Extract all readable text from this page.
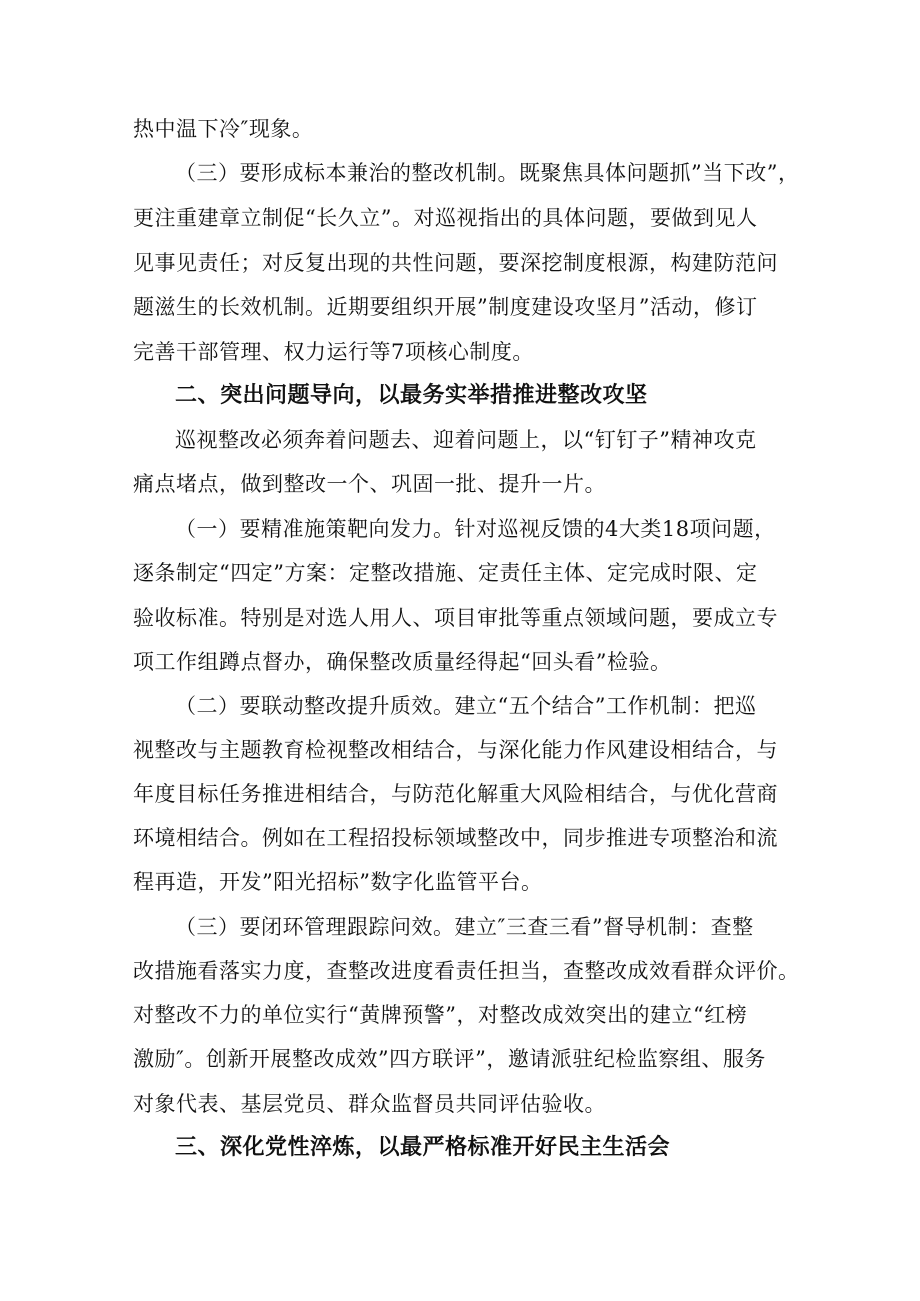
热中温下冷″现象。
（三）要形成标本兼治的整改机制。既聚焦具体问题抓”当下改”，
更注重建章立制促“长久立”。对巡视指出的具体问题，要做到见人
见事见责任；对反复出现的共性问题，要深挖制度根源，构建防范问
题滋生的长效机制。近期要组织开展”制度建设攻坚月”活动，修订
完善干部管理、权力运行等7项核心制度。
二、突出问题导向，以最务实举措推进整改攻坚
巡视整改必须奔着问题去、迎着问题上，以“钉钉子”精神攻克
痛点堵点，做到整改一个、巩固一批、提升一片。
（一）要精准施策靶向发力。针对巡视反馈的4大类18项问题，
逐条制定“四定”方案：定整改措施、定责任主体、定完成时限、定
验收标准。特别是对选人用人、项目审批等重点领域问题，要成立专
项工作组蹲点督办，确保整改质量经得起“回头看”检验。
（二）要联动整改提升质效。建立“五个结合”工作机制：把巡
视整改与主题教育检视整改相结合，与深化能力作风建设相结合，与
年度目标任务推进相结合，与防范化解重大风险相结合，与优化营商
环境相结合。例如在工程招投标领域整改中，同步推进专项整治和流
程再造，开发”阳光招标”数字化监管平台。
（三）要闭环管理跟踪问效。建立″三查三看”督导机制：查整
改措施看落实力度，查整改进度看责任担当，查整改成效看群众评价。
对整改不力的单位实行“黄牌预警”，对整改成效突出的建立“红榜
激励″。创新开展整改成效”四方联评”，邀请派驻纪检监察组、服务
对象代表、基层党员、群众监督员共同评估验收。
三、深化党性淬炼，以最严格标准开好民主生活会
